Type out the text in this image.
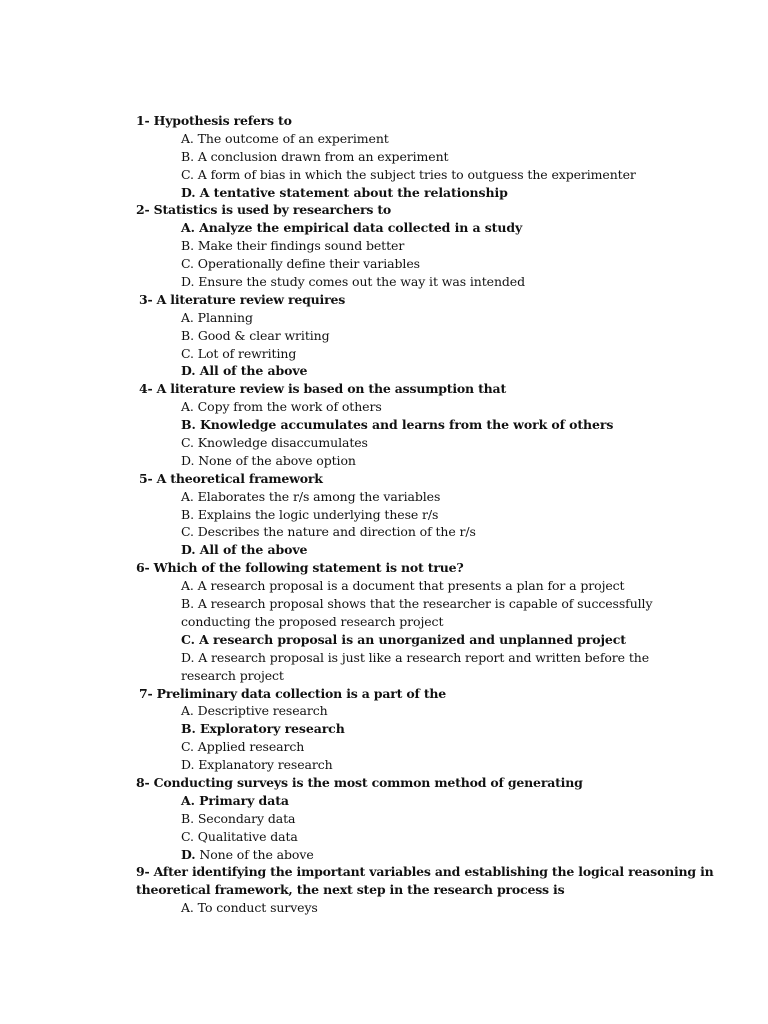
1- Hypothesis refers to
A. The outcome of an experiment
B. A conclusion drawn from an experiment
C. A form of bias in which the subject tries to outguess the experimenter
D. A tentative statement about the relationship
2- Statistics is used by researchers to
A. Analyze the empirical data collected in a study
B. Make their findings sound better
C. Operationally define their variables
D. Ensure the study comes out the way it was intended
3- A literature review requires
A. Planning
B. Good & clear writing
C. Lot of rewriting
D. All of the above
4- A literature review is based on the assumption that
A. Copy from the work of others
B. Knowledge accumulates and learns from the work of others
C. Knowledge disaccumulates
D. None of the above option
5- A theoretical framework
A. Elaborates the r/s among the variables
B. Explains the logic underlying these r/s
C. Describes the nature and direction of the r/s
D. All of the above
6- Which of the following statement is not true?
A. A research proposal is a document that presents a plan for a project
B. A research proposal shows that the researcher is capable of successfully
conducting the proposed research project
C. A research proposal is an unorganized and unplanned project
D. A research proposal is just like a research report and written before the
research project
7- Preliminary data collection is a part of the
A. Descriptive research
B. Exploratory research
C. Applied research
D. Explanatory research
8- Conducting surveys is the most common method of generating
A. Primary data
B. Secondary data
C. Qualitative data
D. None of the above
9- After identifying the important variables and establishing the logical reasoning in
theoretical framework, the next step in the research process is
A. To conduct surveys
